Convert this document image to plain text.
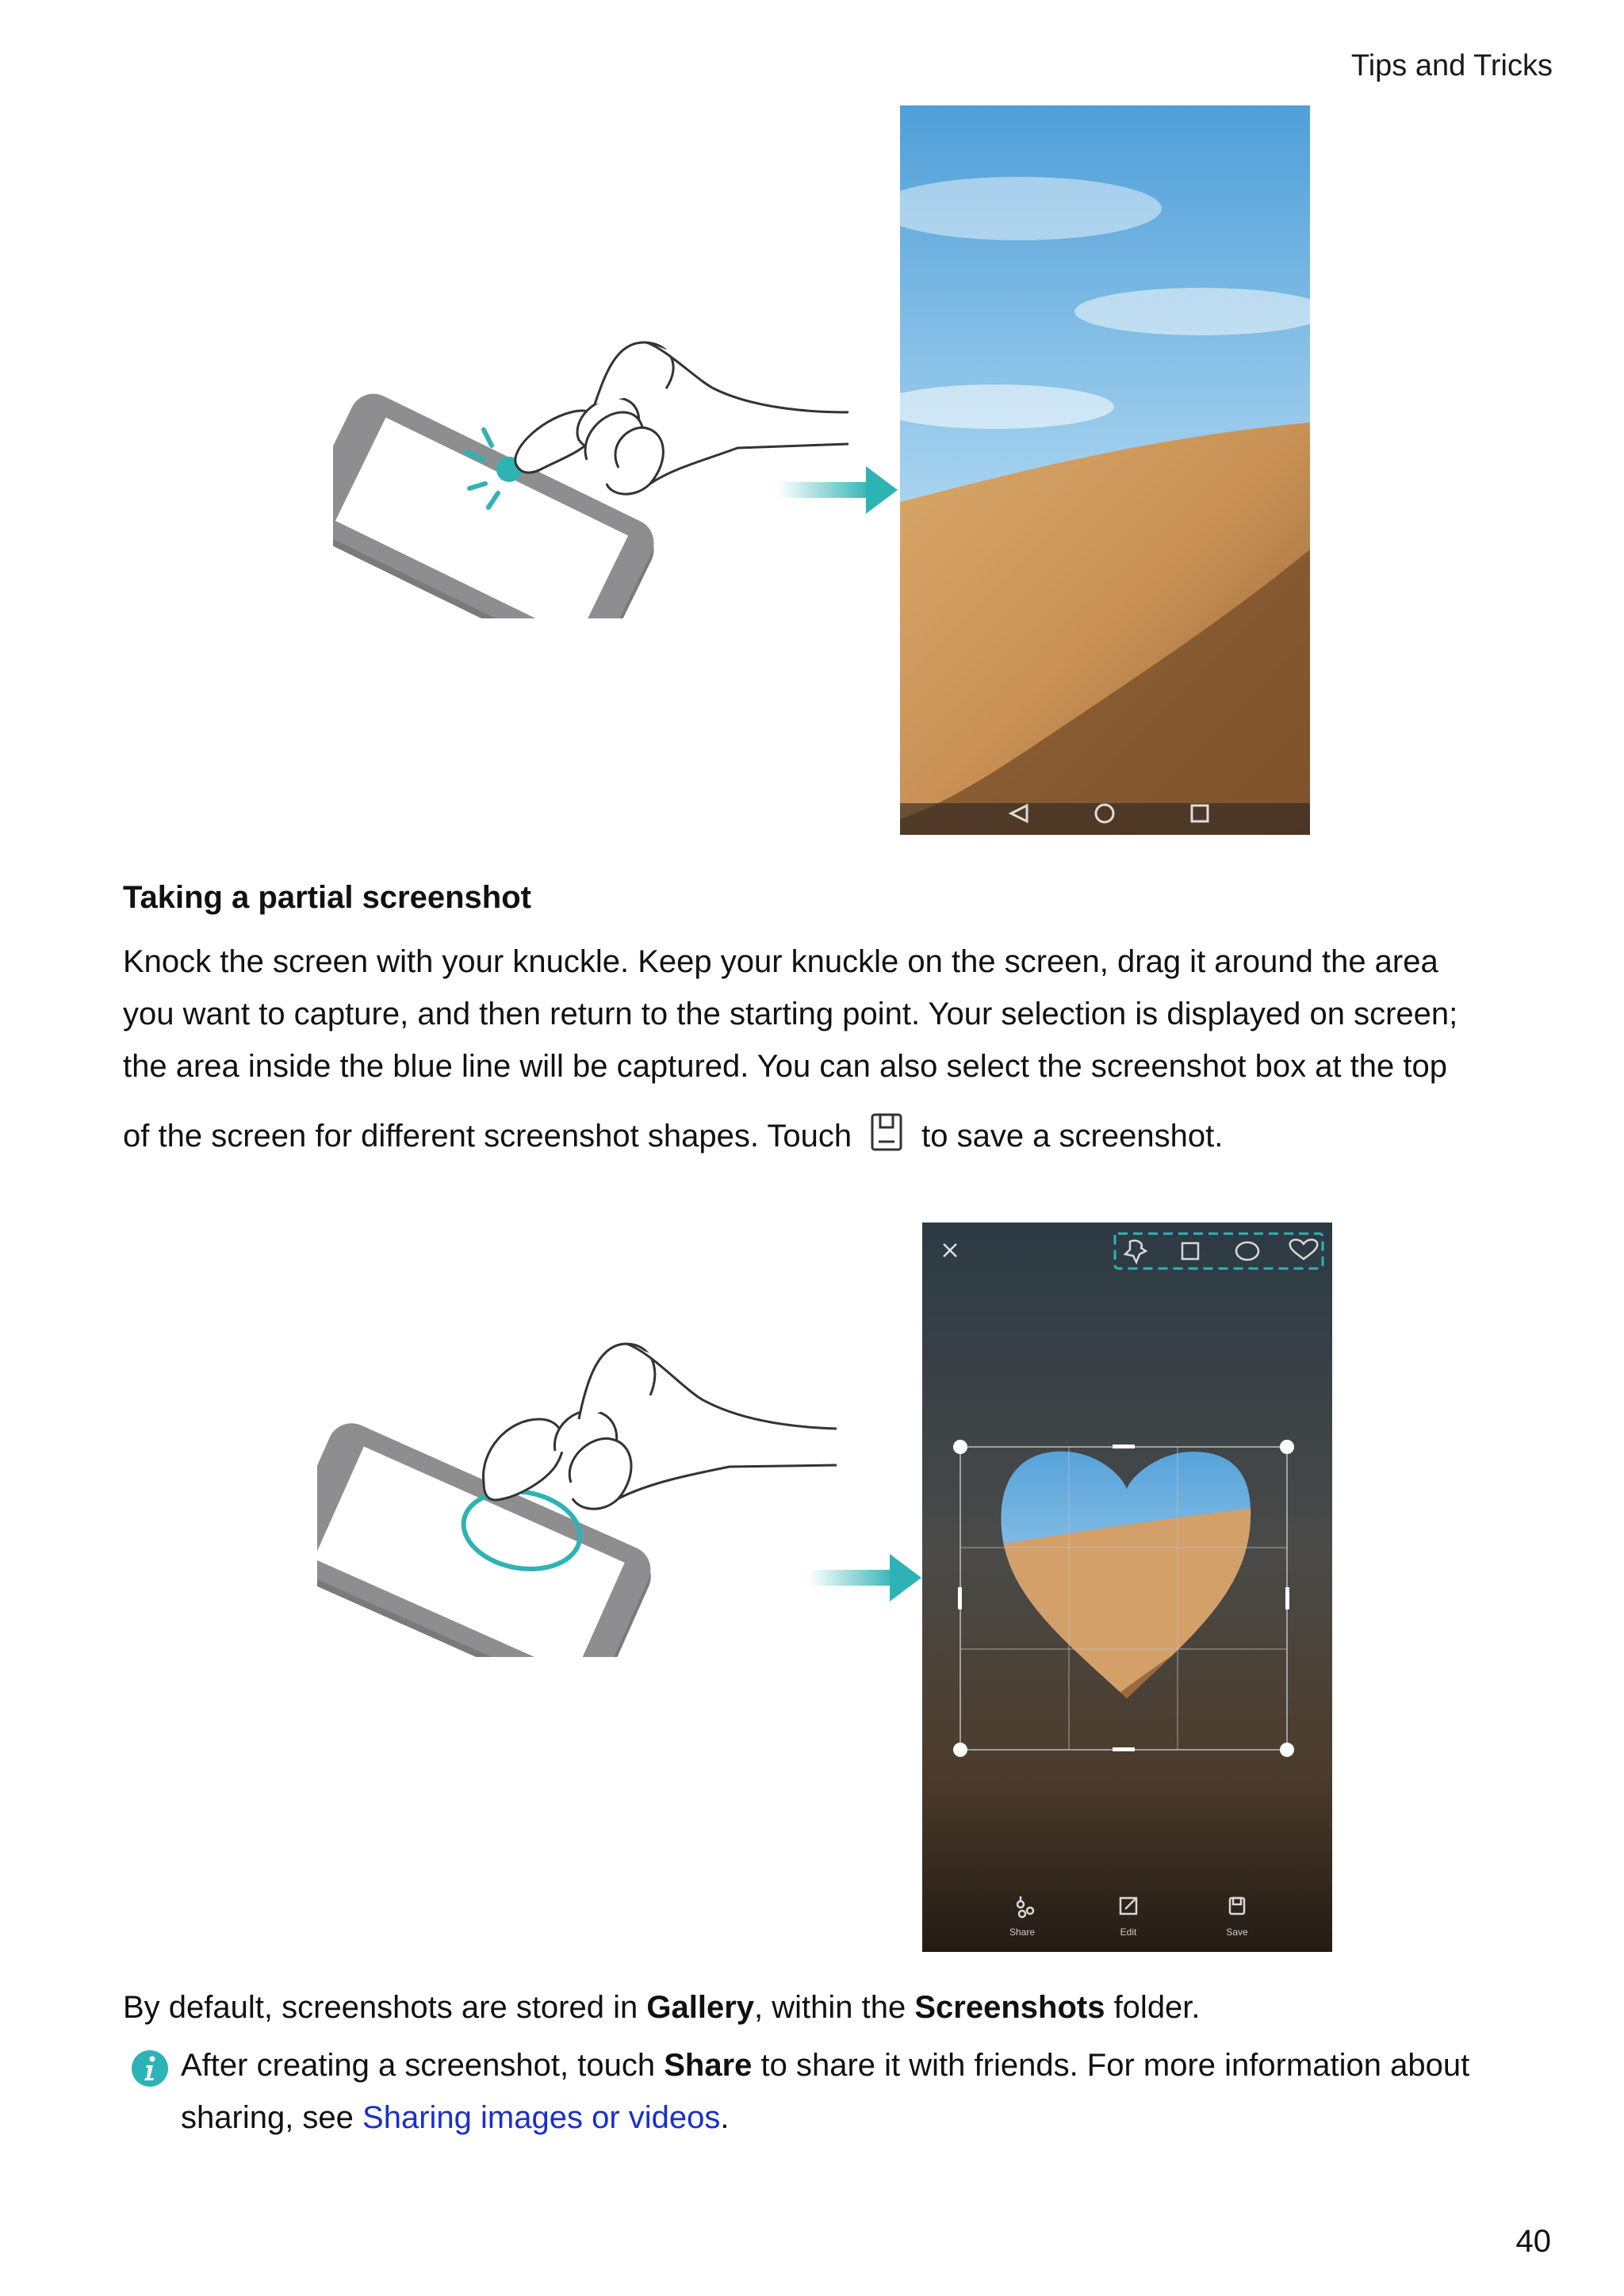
Tips and Tricks
Taking a partial screenshot
Knock the screen with your knuckle. Keep your knuckle on the screen, drag it around the area
you want to capture, and then return to the starting point. Your selection is displayed on screen;
the area inside the blue line will be captured. You can also select the screenshot box at the top
of the screen for different screenshot shapes. Touch to save a screenshot.
Share	Edit	Save
By default, screenshots are stored in Gallery, within the Screenshots folder.
After creating a screenshot, touch Share to share it with friends. For more information about
sharing, see Sharing images or videos.
40
